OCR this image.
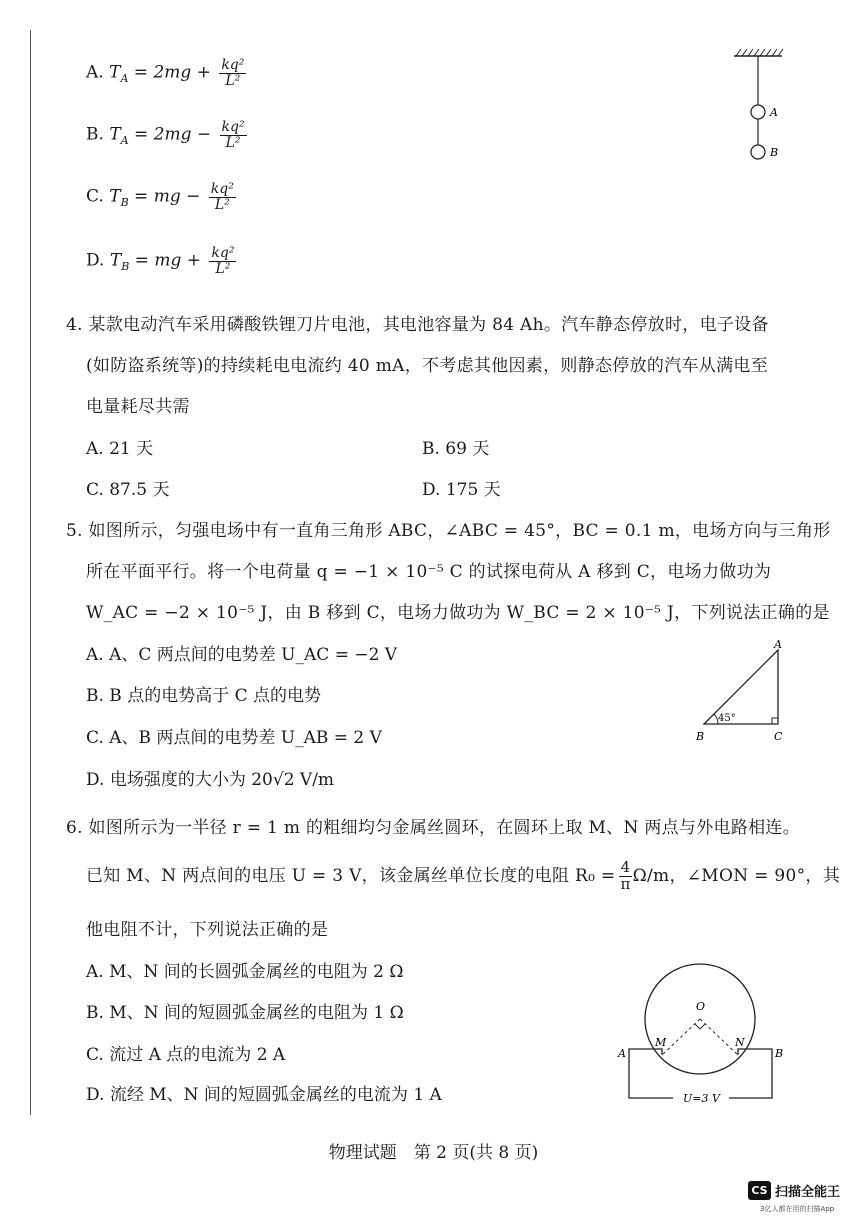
A. $T_A = 2mg + \frac{\text{kq²}}{\text{L²}}$
B. $T_A = 2mg - \frac{\text{kq²}}{\text{L²}}$
C. $T_B$ = mg − $\frac{\text{kq²}}{\text{L²}}$
D. $T_B$ = mg + $\frac{\text{kq²}}{\text{L²}}$
A
B
4. 某款电动汽车采用磷酸铁锂刀片电池，其电池容量为 84 Ah。汽车静态停放时，电子设备
(如防盗系统等)的持续耗电电流约 40 mA，不考虑其他因素，则静态停放的汽车从满电至
电量耗尽共需
A. 21 天	B. 69 天
C. 87.5 天	D. 175 天
5. 如图所示，匀强电场中有一直角三角形 ABC，∠ABC = 45°，BC = 0.1 m，电场方向与三角形
所在平面平行。将一个电荷量 q = −1 × 10⁻⁵ C 的试探电荷从 A 移到 C，电场力做功为
W_AC = −2 × 10⁻⁵ J，由 B 移到 C，电场力做功为 W_BC = 2 × 10⁻⁵ J，下列说法正确的是
A. A、C 两点间的电势差 U_AC = −2 V
B. B 点的电势高于 C 点的电势
C. A、B 两点间的电势差 U_AB = 2 V
D. 电场强度的大小为 20√2 V/m
45°
A
B	C
6. 如图所示为一半径 r = 1 m 的粗细均匀金属丝圆环，在圆环上取 M、N 两点与外电路相连。
已知 M、N 两点间的电压 U = 3 V，该金属丝单位长度的电阻 $R_0 = \frac{4}{\pi} \Omega/m$，∠MON = 90°，其
他电阻不计，下列说法正确的是
A. M、N 间的长圆弧金属丝的电阻为 2 Ω
B. M、N 间的短圆弧金属丝的电阻为 1 Ω
C. 流过 A 点的电流为 2 A
D. 流经 M、N 间的短圆弧金属丝的电流为 1 A	U=3 V
O
M	N
A	B
物理试题　第 2 页(共 8 页)
CS 扫描全能王
3亿人都在用的扫描App
